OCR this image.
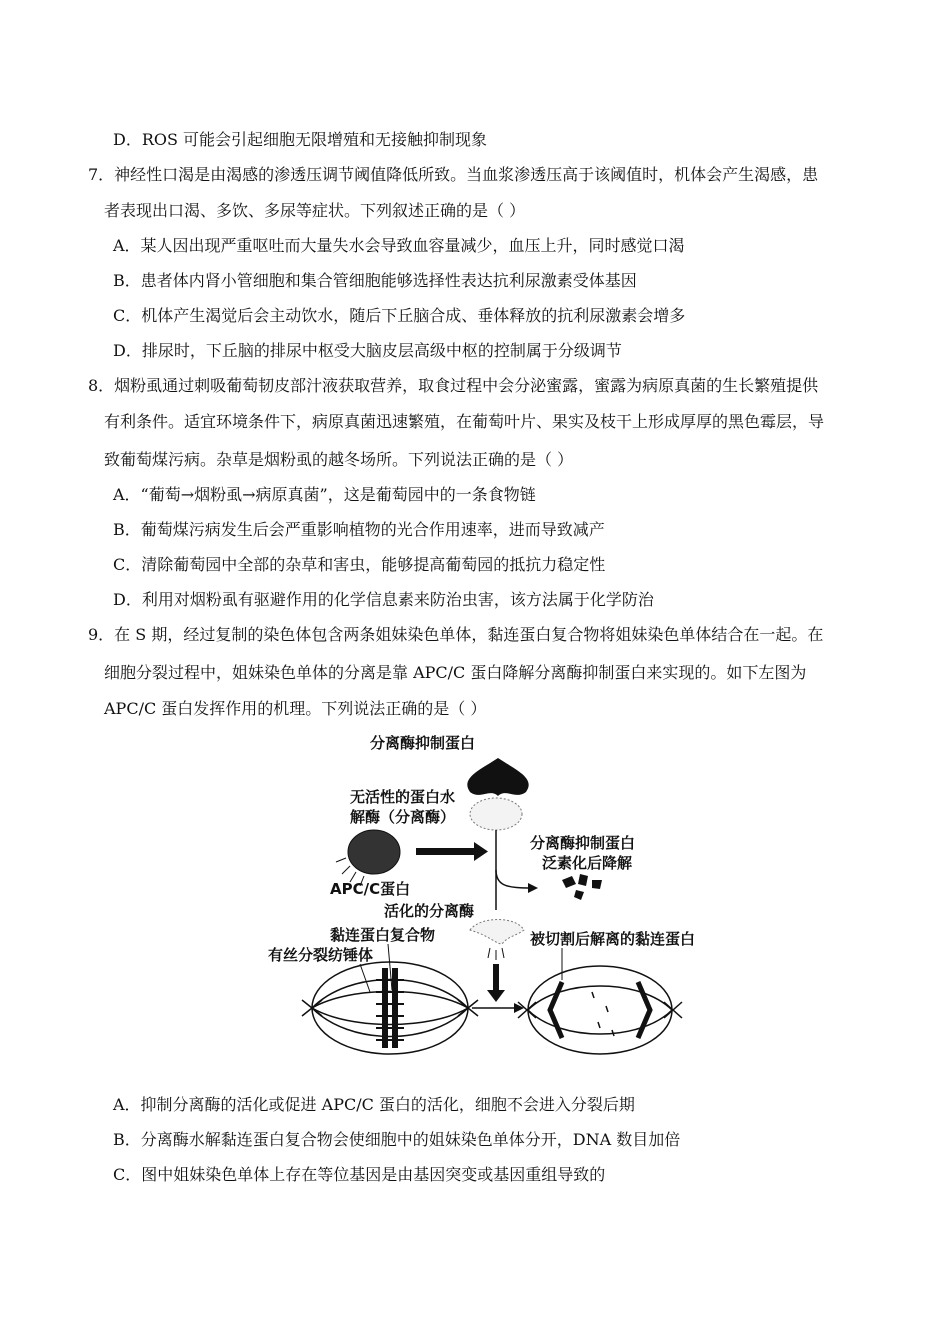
D．ROS 可能会引起细胞无限增殖和无接触抑制现象
7．神经性口渴是由渴感的渗透压调节阈值降低所致。当血浆渗透压高于该阈值时，机体会产生渴感，患
者表现出口渴、多饮、多尿等症状。下列叙述正确的是（ ）
A．某人因出现严重呕吐而大量失水会导致血容量减少，血压上升，同时感觉口渴
B．患者体内肾小管细胞和集合管细胞能够选择性表达抗利尿激素受体基因
C．机体产生渴觉后会主动饮水，随后下丘脑合成、垂体释放的抗利尿激素会增多
D．排尿时，下丘脑的排尿中枢受大脑皮层高级中枢的控制属于分级调节
8．烟粉虱通过刺吸葡萄韧皮部汁液获取营养，取食过程中会分泌蜜露，蜜露为病原真菌的生长繁殖提供
有利条件。适宜环境条件下，病原真菌迅速繁殖，在葡萄叶片、果实及枝干上形成厚厚的黑色霉层，导
致葡萄煤污病。杂草是烟粉虱的越冬场所。下列说法正确的是（ ）
A．“葡萄→烟粉虱→病原真菌”，这是葡萄园中的一条食物链
B．葡萄煤污病发生后会严重影响植物的光合作用速率，进而导致减产
C．清除葡萄园中全部的杂草和害虫，能够提高葡萄园的抵抗力稳定性
D．利用对烟粉虱有驱避作用的化学信息素来防治虫害，该方法属于化学防治
9．在 S 期，经过复制的染色体包含两条姐妹染色单体，黏连蛋白复合物将姐妹染色单体结合在一起。在
细胞分裂过程中，姐妹染色单体的分离是靠 APC/C 蛋白降解分离酶抑制蛋白来实现的。如下左图为
APC/C 蛋白发挥作用的机理。下列说法正确的是（ ）
A．抑制分离酶的活化或促进 APC/C 蛋白的活化，细胞不会进入分裂后期
B．分离酶水解黏连蛋白复合物会使细胞中的姐妹染色单体分开，DNA 数目加倍
C．图中姐妹染色单体上存在等位基因是由基因突变或基因重组导致的
分离酶抑制蛋白
无活性的蛋白水
解酶（分离酶）
APC/C蛋白
分离酶抑制蛋白
泛素化后降解
活化的分离酶
黏连蛋白复合物
有丝分裂纺锤体
被切割后解离的黏连蛋白
